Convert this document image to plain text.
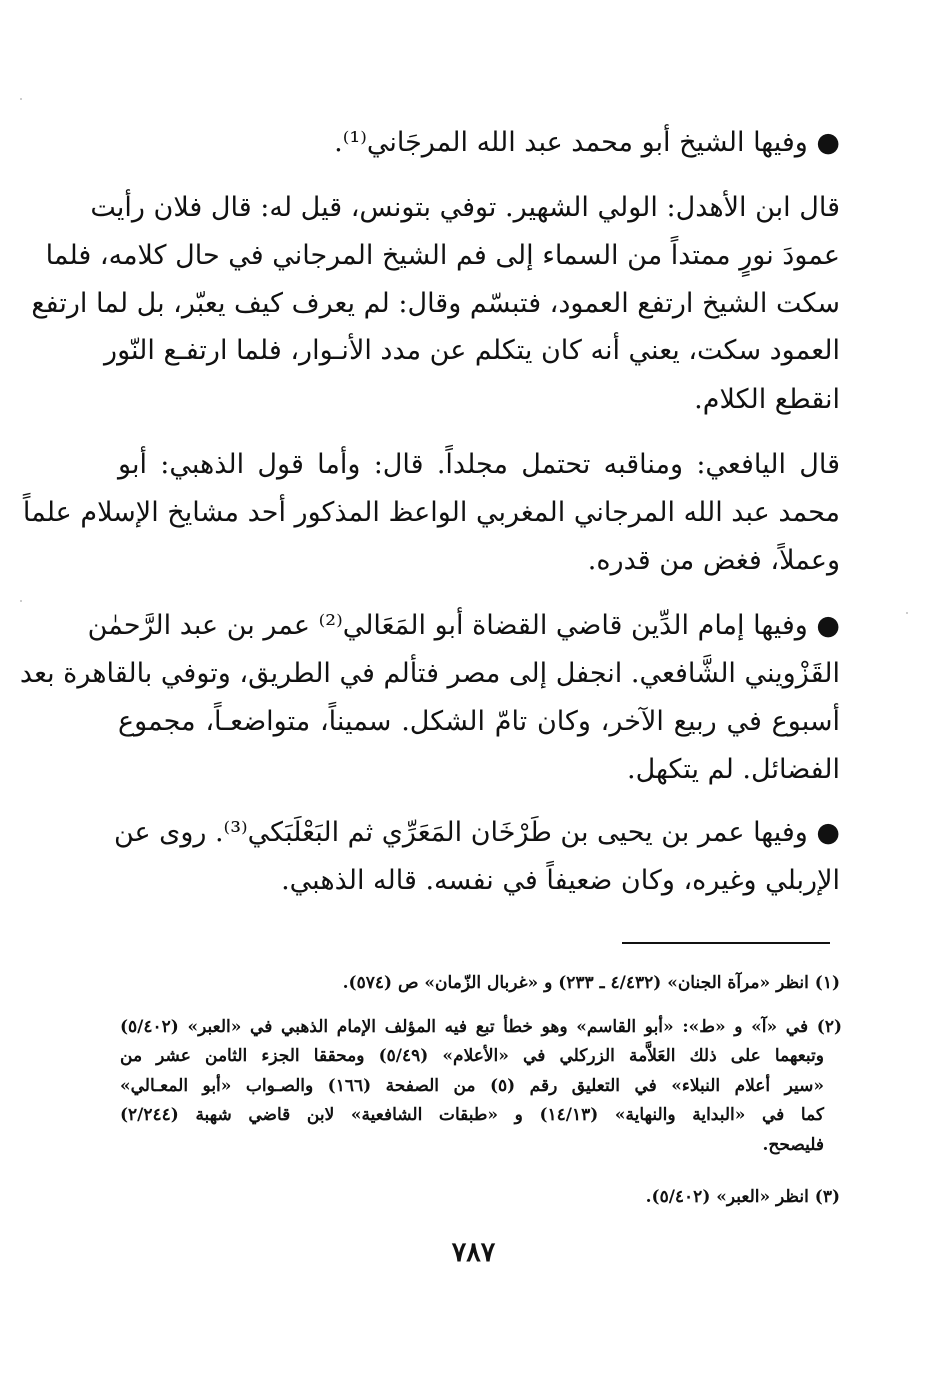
● وفيها الشيخ أبو محمد عبد الله المرجَاني⁽¹⁾.
قال ابن الأهدل: الولي الشهير. توفي بتونس، قيل له: قال فلان رأيت
عمودَ نورٍ ممتداً من السماء إلى فم الشيخ المرجاني في حال كلامه، فلما
سكت الشيخ ارتفع العمود، فتبسّم وقال: لم يعرف كيف يعبّر، بل لما ارتفع
العمود سكت، يعني أنه كان يتكلم عن مدد الأنـوار، فلما ارتفـع النّور
انقطع الكلام.
قال اليافعي: ومناقبه تحتمل مجلداً. قال: وأما قول الذهبي: أبو
محمد عبد الله المرجاني المغربي الواعظ المذكور أحد مشايخ الإسلام علماً
وعملاً، فغض من قدره.
● وفيها إمام الدِّين قاضي القضاة أبو المَعَالي⁽²⁾ عمر بن عبد الرَّحمٰن
القَزْويني الشَّافعي. انجفل إلى مصر فتألم في الطريق، وتوفي بالقاهرة بعد
أسبوع في ربيع الآخر، وكان تامّ الشكل. سميناً، متواضعـاً، مجموع
الفضائل. لم يتكهل.
● وفيها عمر بن يحيى بن طَرْخَان المَعَرِّي ثم البَعْلَبَكي⁽³⁾. روى عن
الإربلي وغيره، وكان ضعيفاً في نفسه. قاله الذهبي.
(١) انظر «مرآة الجنان» (٤/٤٣٢ ـ ٢٣٣) و «غربال الزّمان» ص (٥٧٤).
(٢) في «آ» و «ط»: «أبو القاسم» وهو خطأ تبع فيه المؤلف الإمام الذهبي في «العبر» (٥/٤٠٢)
وتبعهما على ذلك العَلاَّمة الزركلي في «الأعلام» (٥/٤٩) ومحققا الجزء الثامن عشر من
«سير أعلام النبلاء» في التعليق رقم (٥) من الصفحة (١٦٦) والصـواب «أبو المعـالي»
كما في «البداية والنهاية» (١٤/١٣) و «طبقات الشافعية» لابن قاضي شهبة (٢/٢٤٤)
فليصحح.
(٣) انظر «العبر» (٥/٤٠٢).
٧٨٧
